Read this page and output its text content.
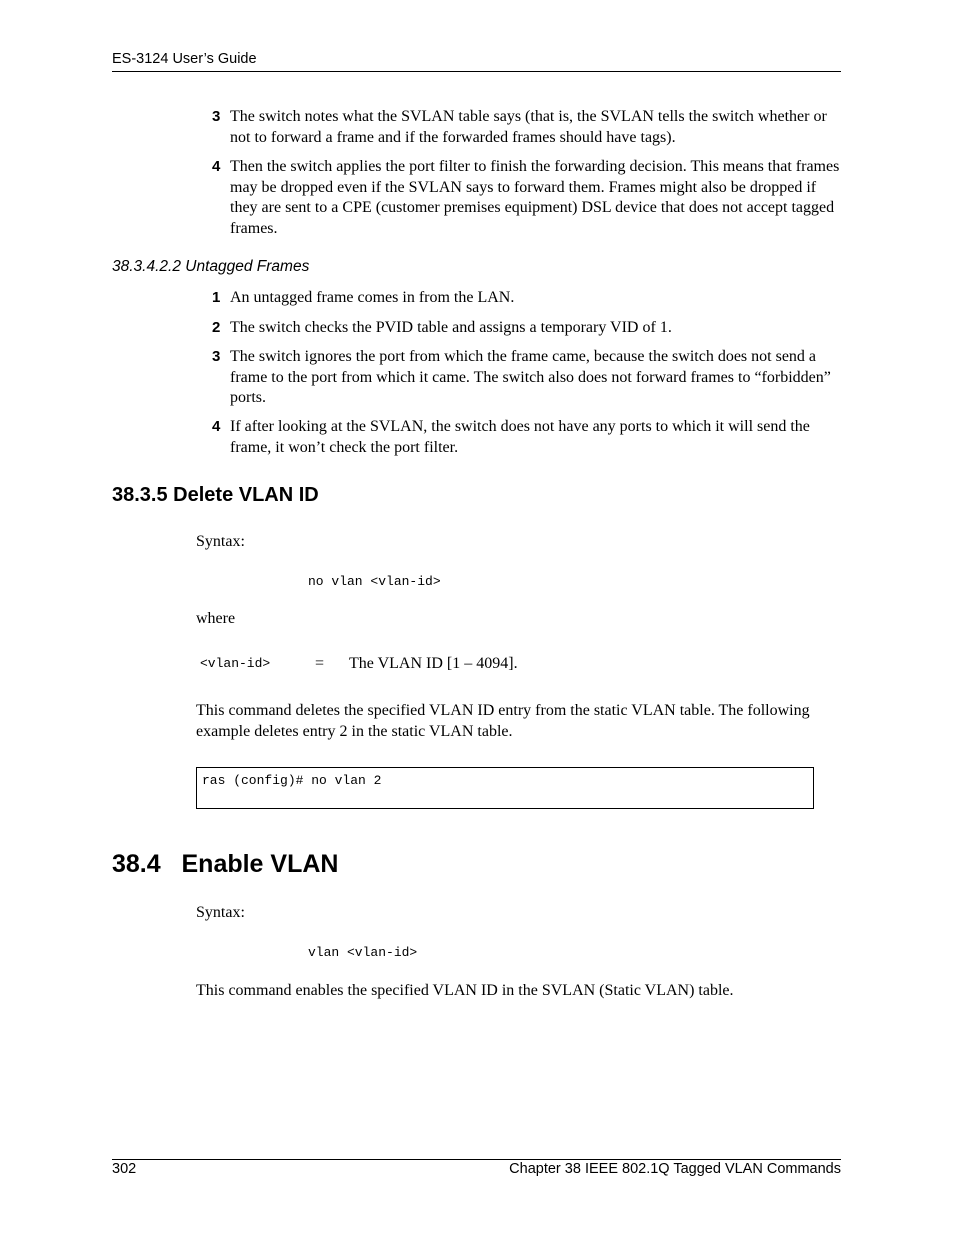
ES-3124 User’s Guide
3 The switch notes what the SVLAN table says (that is, the SVLAN tells the switch whether or not to forward a frame and if the forwarded frames should have tags).
4 Then the switch applies the port filter to finish the forwarding decision. This means that frames may be dropped even if the SVLAN says to forward them. Frames might also be dropped if they are sent to a CPE (customer premises equipment) DSL device that does not accept tagged frames.
38.3.4.2.2 Untagged Frames
1 An untagged frame comes in from the LAN.
2 The switch checks the PVID table and assigns a temporary VID of 1.
3 The switch ignores the port from which the frame came, because the switch does not send a frame to the port from which it came. The switch also does not forward frames to “forbidden” ports.
4 If after looking at the SVLAN, the switch does not have any ports to which it will send the frame, it won’t check the port filter.
38.3.5 Delete VLAN ID
Syntax:
no vlan <vlan-id>
where
<vlan-id>	= The VLAN ID [1 – 4094].
This command deletes the specified VLAN ID entry from the static VLAN table. The following example deletes entry 2 in the static VLAN table.
ras (config)# no vlan 2
38.4   Enable VLAN
Syntax:
vlan <vlan-id>
This command enables the specified VLAN ID in the SVLAN (Static VLAN) table.
302	Chapter 38 IEEE 802.1Q Tagged VLAN Commands
